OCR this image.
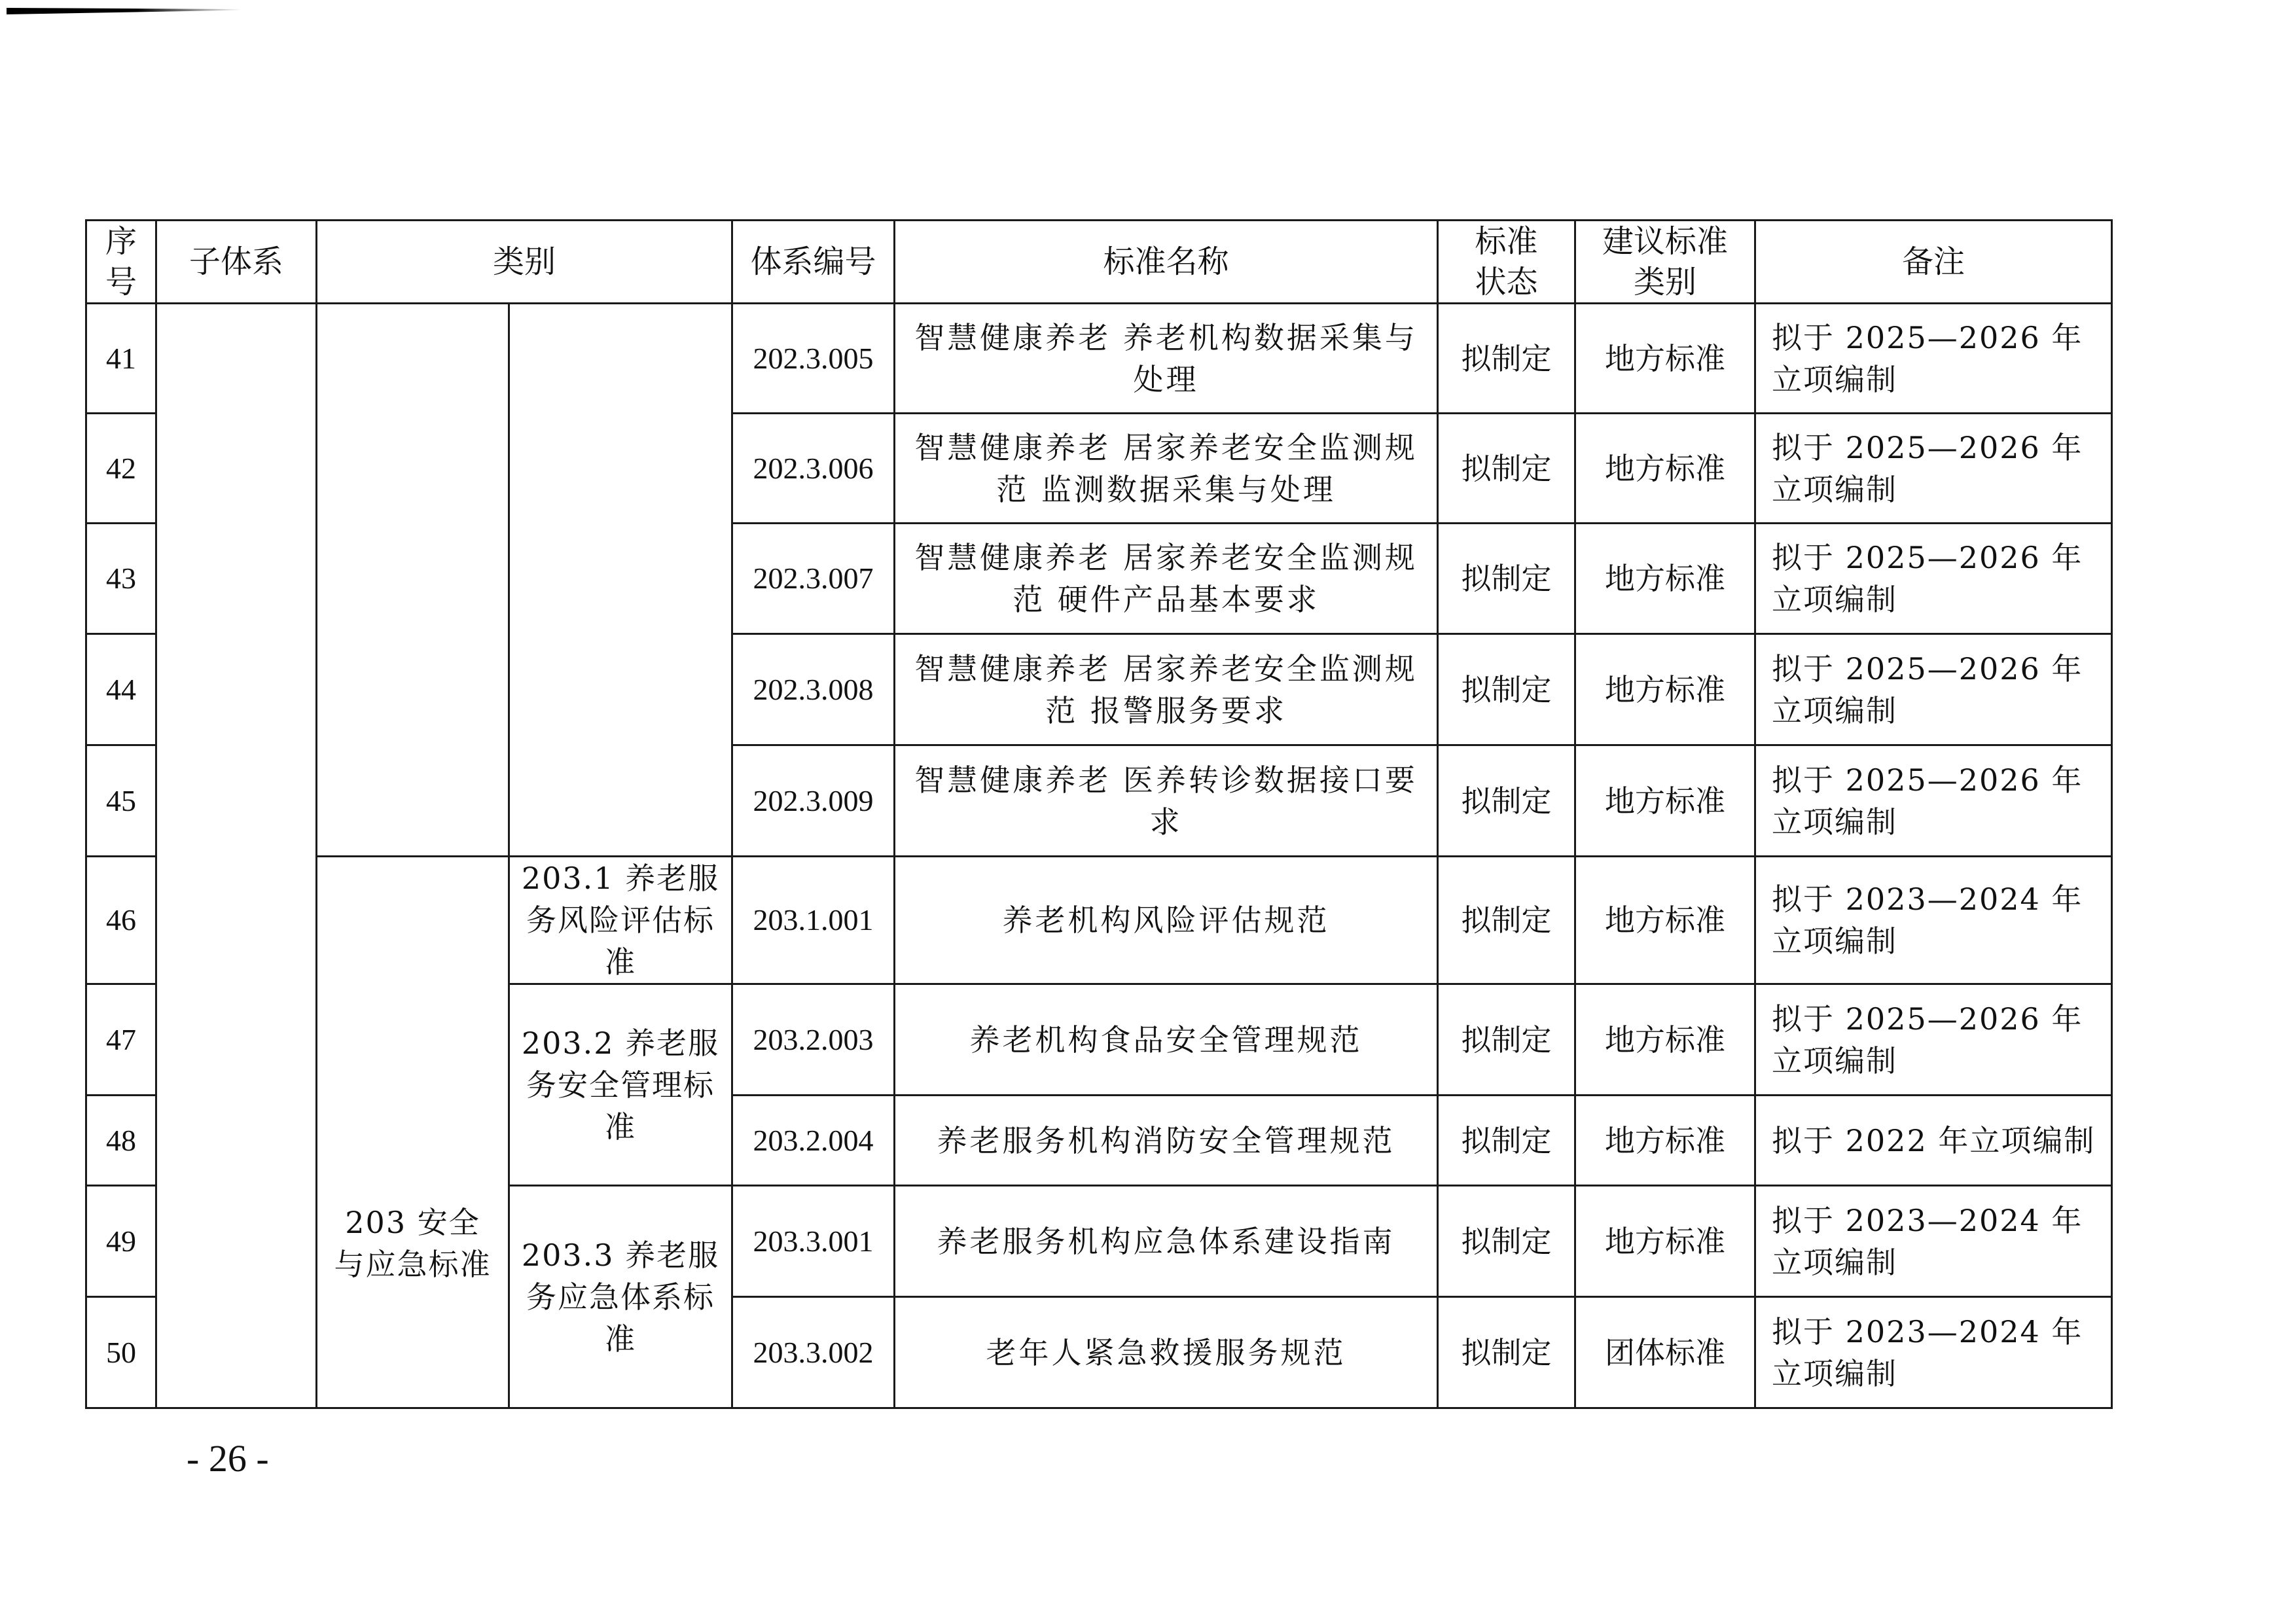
序号	子体系	类别		体系编号	标准名称	标准状态	建议标准类别	备注
41				202.3.005	智慧健康养老 养老机构数据采集与处理	拟制定	地方标准	拟于 2025—2026 年立项编制
42				202.3.006	智慧健康养老 居家养老安全监测规范 监测数据采集与处理	拟制定	地方标准	拟于 2025—2026 年立项编制
43				202.3.007	智慧健康养老 居家养老安全监测规范 硬件产品基本要求	拟制定	地方标准	拟于 2025—2026 年立项编制
44				202.3.008	智慧健康养老 居家养老安全监测规范 报警服务要求	拟制定	地方标准	拟于 2025—2026 年立项编制
45				202.3.009	智慧健康养老 医养转诊数据接口要求	拟制定	地方标准	拟于 2025—2026 年立项编制
46		203 安全与应急标准	203.1 养老服务风险评估标准	203.1.001	养老机构风险评估规范	拟制定	地方标准	拟于 2023—2024 年立项编制
47			203.2 养老服务安全管理标准	203.2.003	养老机构食品安全管理规范	拟制定	地方标准	拟于 2025—2026 年立项编制
48				203.2.004	养老服务机构消防安全管理规范	拟制定	地方标准	拟于 2022 年立项编制
49			203.3 养老服务应急体系标准	203.3.001	养老服务机构应急体系建设指南	拟制定	地方标准	拟于 2023—2024 年立项编制
50				203.3.002	老年人紧急救援服务规范	拟制定	团体标准	拟于 2023—2024 年立项编制
- 26 -
